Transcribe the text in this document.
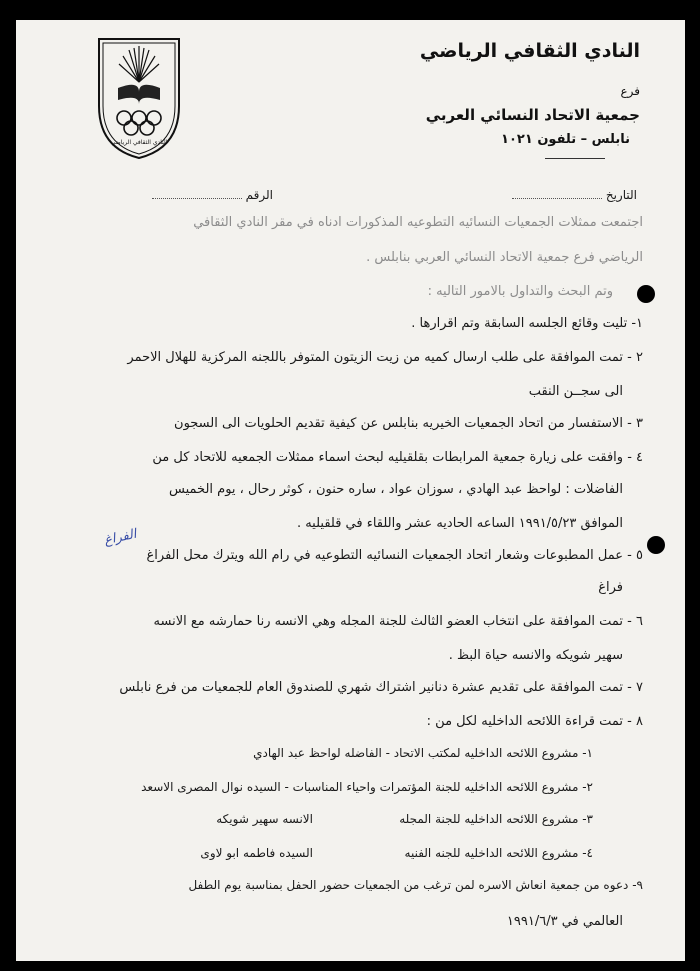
النادي الثقافي الرياضي
النادي الثقافي الرياضي
فرع
جمعية الاتحاد النسائي العربي
نابلس – تلفون ١٠٢١
التاريخ
الرقم
اجتمعت ممثلات الجمعيات النسائيه التطوعيه المذكورات ادناه في مقر النادي الثقافي
الرياضي فرع جمعية الاتحاد النسائي العربي بنابلس .
وتم البحث والتداول بالامور التاليه :
١- تليت وقائع الجلسه السابقة وتم اقرارها .
٢ - تمت الموافقة على طلب ارسال كميه من زيت الزيتون المتوفر باللجنه المركزية للهلال الاحمر
الى سجــن النقب
٣ - الاستفسار من اتحاد الجمعيات الخيريه بنابلس عن كيفية تقديم الحلويات الى السجون
٤ - وافقت على زيارة جمعية المرابطات بقلقيليه لبحث اسماء ممثلات الجمعيه للاتحاد كل من
الفاضلات : لواحظ عبد الهادي ، سوزان عواد ، ساره حنون ، كوثر رحال ، يوم الخميس
الموافق ١٩٩١/٥/٢٣ الساعه الحاديه عشر واللقاء في قلقيليه .
٥ - عمل المطبوعات وشعار اتحاد الجمعيات النسائيه التطوعيه في رام الله ويترك محل الفراغ
فراغ
٦ - تمت الموافقة على انتخاب العضو الثالث للجنة المجله وهي الانسه رنا حمارشه مع الانسه
سهير شويكه والانسه حياة البظ .
٧ - تمت الموافقة على تقديم عشرة دنانير اشتراك شهري للصندوق العام للجمعيات من فرع نابلس
٨ - تمت قراءة اللائحه الداخليه لكل من :
١- مشروع اللائحه الداخليه لمكتب الاتحاد - الفاضله لواحظ عبد الهادي
٢- مشروع اللائحه الداخليه للجنة المؤتمرات واحياء المناسبات - السيده نوال المصرى الاسعد
٣- مشروع اللائحه الداخليه للجنة المجله
الانسه سهير شويكه
٤- مشروع اللائحه الداخليه للجنه الفنيه
السيده فاطمه ابو لاوى
٩- دعوه من جمعية انعاش الاسره لمن ترغب من الجمعيات حضور الحفل بمناسبة يوم الطفل
العالمي في ١٩٩١/٦/٣
الفراغ
